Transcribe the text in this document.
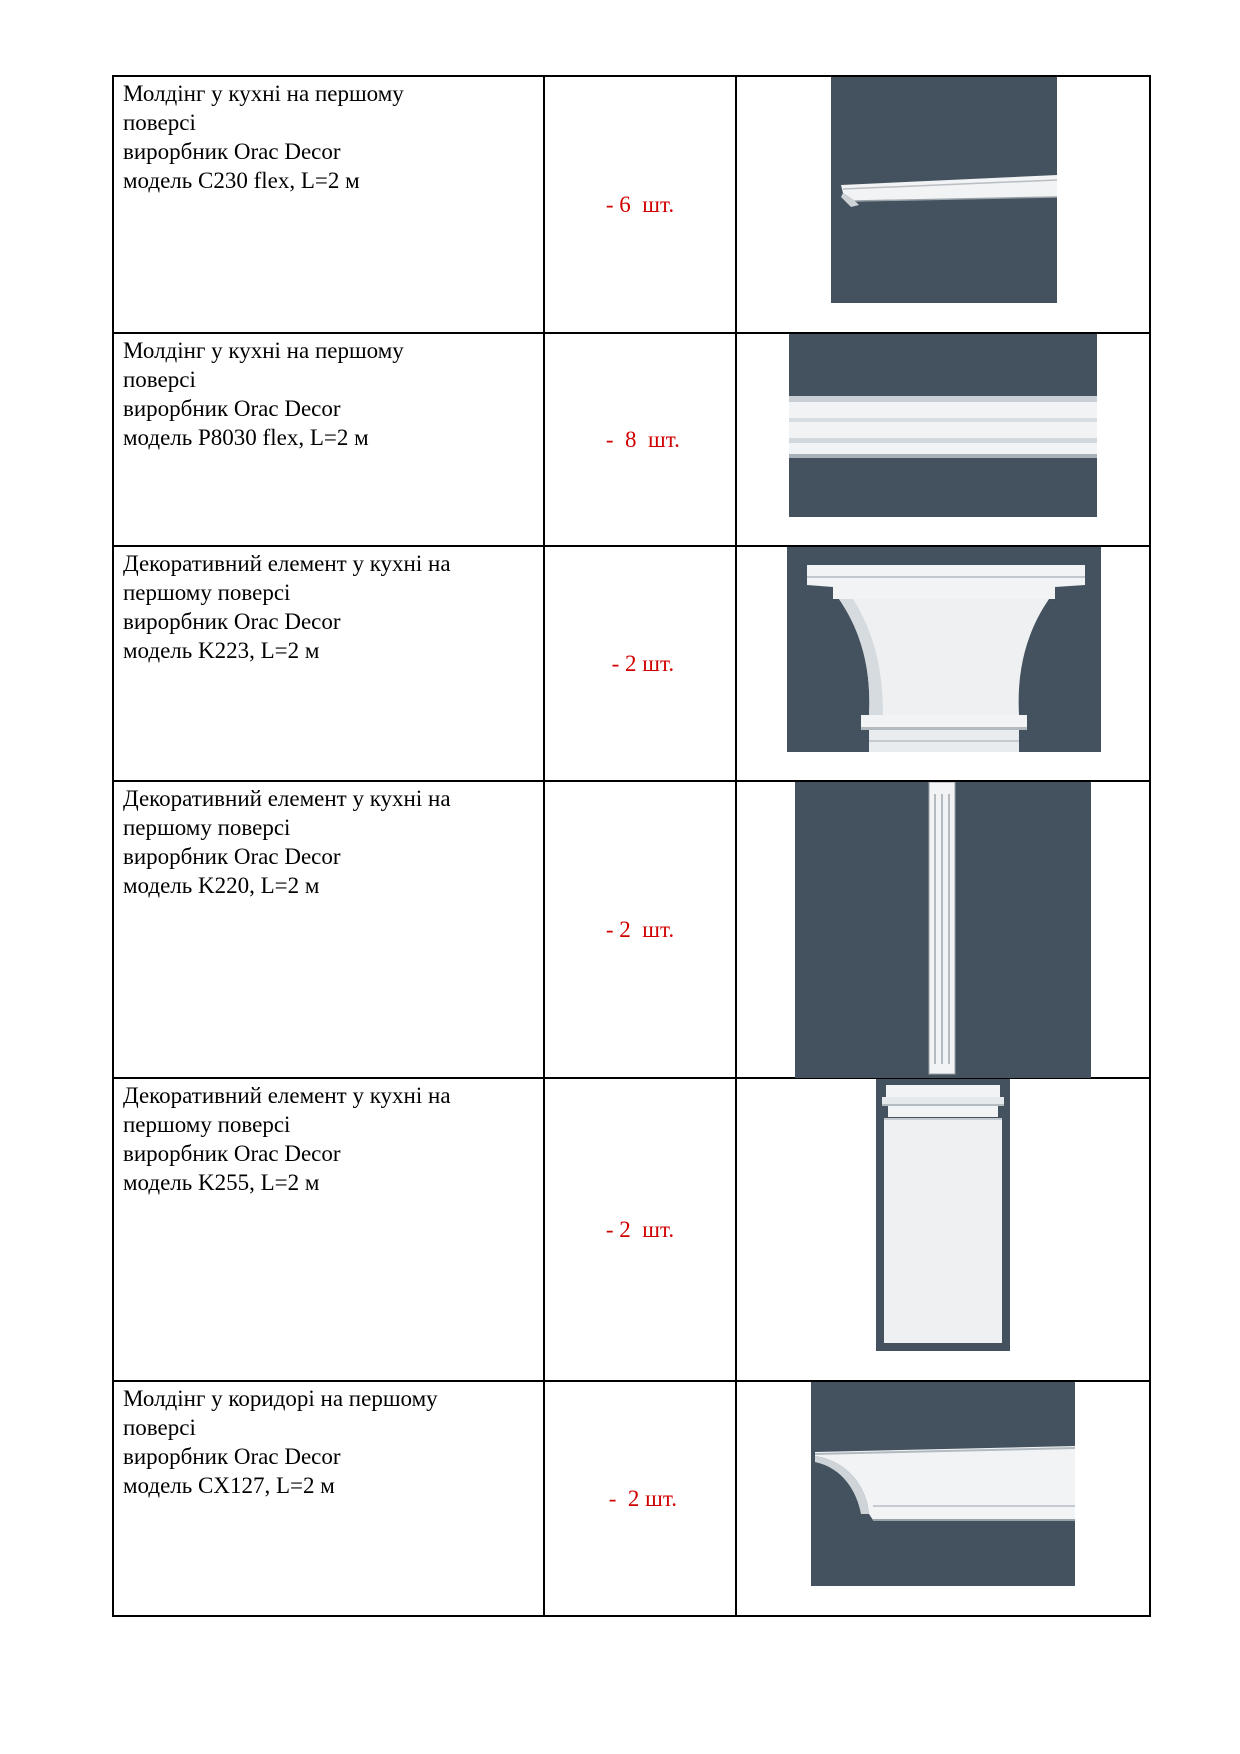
Молдінг у кухні на першому
поверсі
вирорбник Orac Decor
модель C230 flex, L=2 м	- 6  шт.	

Молдінг у кухні на першому
поверсі
вирорбник Orac Decor
модель P8030 flex, L=2 м	-  8  шт.	

Декоративний елемент у кухні на
першому поверсі
вирорбник Orac Decor
модель K223, L=2 м	- 2 шт.	

Декоративний елемент у кухні на
першому поверсі
вирорбник Orac Decor
модель K220, L=2 м	- 2  шт.	

Декоративний елемент у кухні на
першому поверсі
вирорбник Orac Decor
модель K255, L=2 м	- 2  шт.	

Молдінг у коридорі на першому
поверсі
вирорбник Orac Decor
модель CX127, L=2 м	-  2 шт.	
